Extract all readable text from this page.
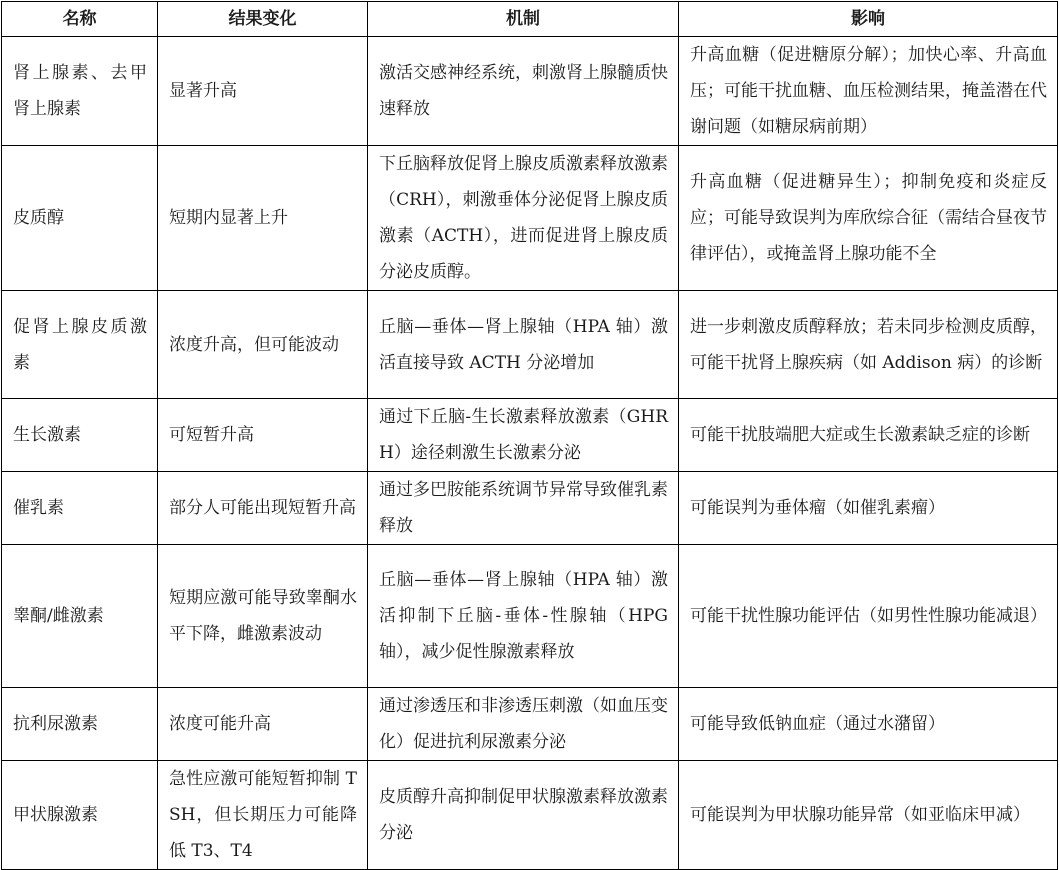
名称	结果变化	机制	影响
肾上腺素、去甲肾上腺素	显著升高	激活交感神经系统，刺激肾上腺髓质快速释放	升高血糖（促进糖原分解）；加快心率、升高血压；可能干扰血糖、血压检测结果，掩盖潜在代谢问题（如糖尿病前期）
皮质醇	短期内显著上升	下丘脑释放促肾上腺皮质激素释放激素（CRH），刺激垂体分泌促肾上腺皮质激素（ACTH），进而促进肾上腺皮质分泌皮质醇。	升高血糖（促进糖异生）；抑制免疫和炎症反应；可能导致误判为库欣综合征（需结合昼夜节律评估），或掩盖肾上腺功能不全
促肾上腺皮质激素	浓度升高，但可能波动	丘脑—垂体—肾上腺轴（HPA 轴）激活直接导致 ACTH 分泌增加	进一步刺激皮质醇释放；若未同步检测皮质醇，可能干扰肾上腺疾病（如 Addison 病）的诊断
生长激素	可短暂升高	通过下丘脑-生长激素释放激素（GHRH）途径刺激生长激素分泌	可能干扰肢端肥大症或生长激素缺乏症的诊断
催乳素	部分人可能出现短暂升高	通过多巴胺能系统调节异常导致催乳素释放	可能误判为垂体瘤（如催乳素瘤）
睾酮/雌激素	短期应激可能导致睾酮水平下降，雌激素波动	丘脑—垂体—肾上腺轴（HPA 轴）激活抑制下丘脑-垂体-性腺轴（HPG 轴），减少促性腺激素释放	可能干扰性腺功能评估（如男性性腺功能减退）
抗利尿激素	浓度可能升高	通过渗透压和非渗透压刺激（如血压变化）促进抗利尿激素分泌	可能导致低钠血症（通过水潴留）
甲状腺激素	急性应激可能短暂抑制 TSH，但长期压力可能降低 T3、T4	皮质醇升高抑制促甲状腺激素释放激素分泌	可能误判为甲状腺功能异常（如亚临床甲减）
